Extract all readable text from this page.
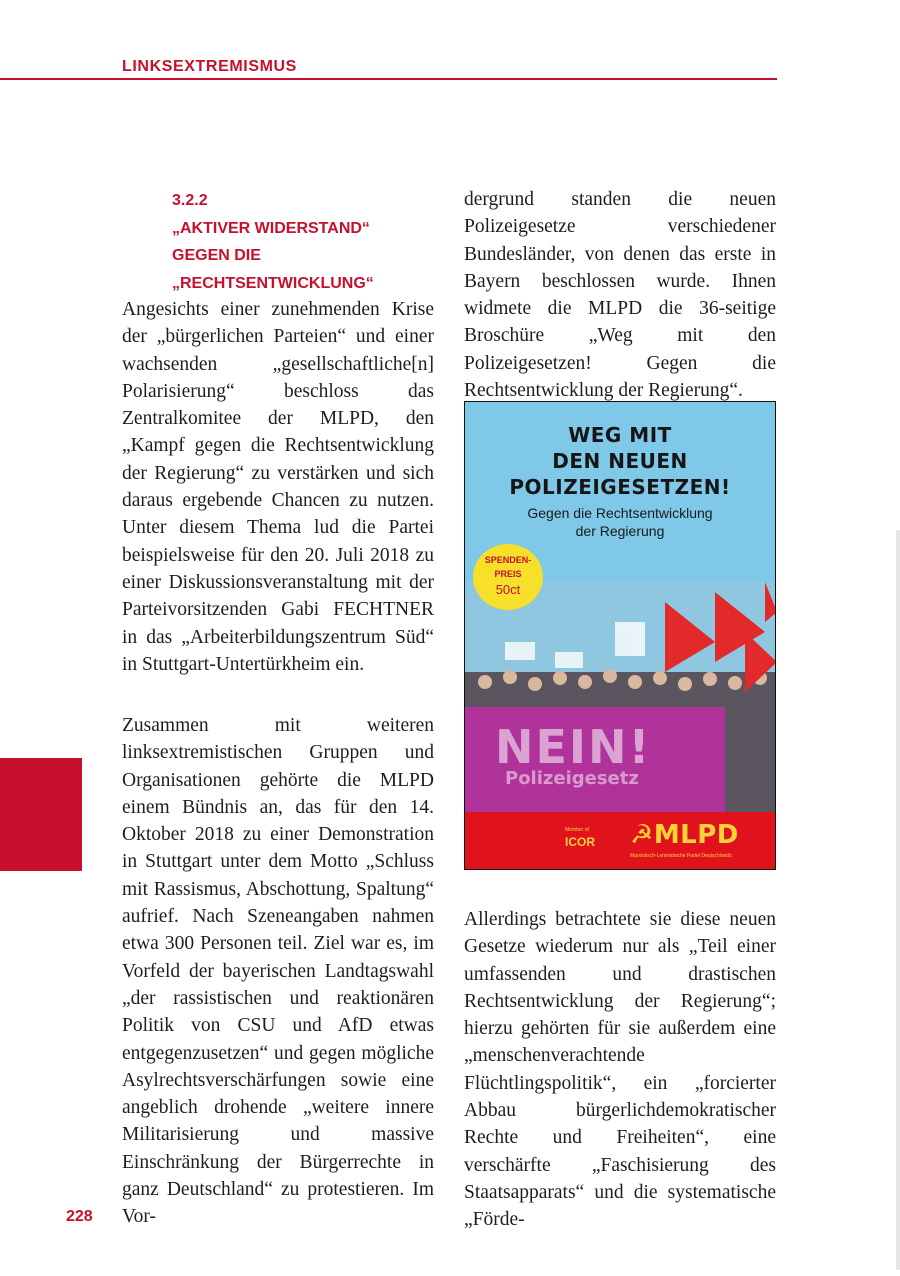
LINKSEXTREMISMUS
3.2.2
„AKTIVER WIDERSTAND“
GEGEN DIE
„RECHTSENTWICKLUNG“

Angesichts einer zunehmenden Krise der „bürgerlichen Parteien“ und einer wachsenden „gesellschaftliche[n] Polarisierung“ beschloss das Zentralkomitee der MLPD, den „Kampf gegen die Rechtsentwicklung der Regierung“ zu verstärken und sich daraus ergebende Chancen zu nutzen. Unter diesem Thema lud die Partei beispielsweise für den 20. Juli 2018 zu einer Diskussionsveranstaltung mit der Parteivorsitzenden Gabi FECHTNER in das „Arbeiterbildungszentrum Süd“ in Stuttgart-Untertürkheim ein.

Zusammen mit weiteren linksextremistischen Gruppen und Organisationen gehörte die MLPD einem Bündnis an, das für den 14. Oktober 2018 zu einer Demonstration in Stuttgart unter dem Motto „Schluss mit Rassismus, Abschottung, Spaltung“ aufrief. Nach Szeneangaben nahmen etwa 300 Personen teil. Ziel war es, im Vorfeld der bayerischen Landtagswahl „der rassistischen und reaktionären Politik von CSU und AfD etwas entgegenzusetzen“ und gegen mögliche Asylrechtsverschärfungen sowie eine angeblich drohende „weitere innere Militarisierung und massive Einschränkung der Bürgerrechte in ganz Deutschland“ zu protestieren. Im Vor-

dergrund standen die neuen Polizeigesetze verschiedener Bundesländer, von denen das erste in Bayern beschlossen wurde. Ihnen widmete die MLPD die 36-seitige Broschüre „Weg mit den Polizeigesetzen! Gegen die Rechtsentwicklung der Regierung“.

NEIN!
Polizeigesetz
WEG MIT
DEN NEUEN
POLIZEIGESETZEN!
Gegen die Rechtsentwicklung
der Regierung
SPENDEN-
PREIS
50ct
Member of
ICOR ☭MLPD
Marxistisch-Leninistische Partei Deutschlands

Allerdings betrachtete sie diese neuen Gesetze wiederum nur als „Teil einer umfassenden und drastischen Rechtsentwicklung der Regierung“; hierzu gehörten für sie außerdem eine „menschenverachtende Flüchtlingspolitik“, ein „forcierter Abbau bürgerlichdemokratischer Rechte und Freiheiten“, eine verschärfte „Faschisierung des Staatsapparats“ und die systematische „Förde-

228
